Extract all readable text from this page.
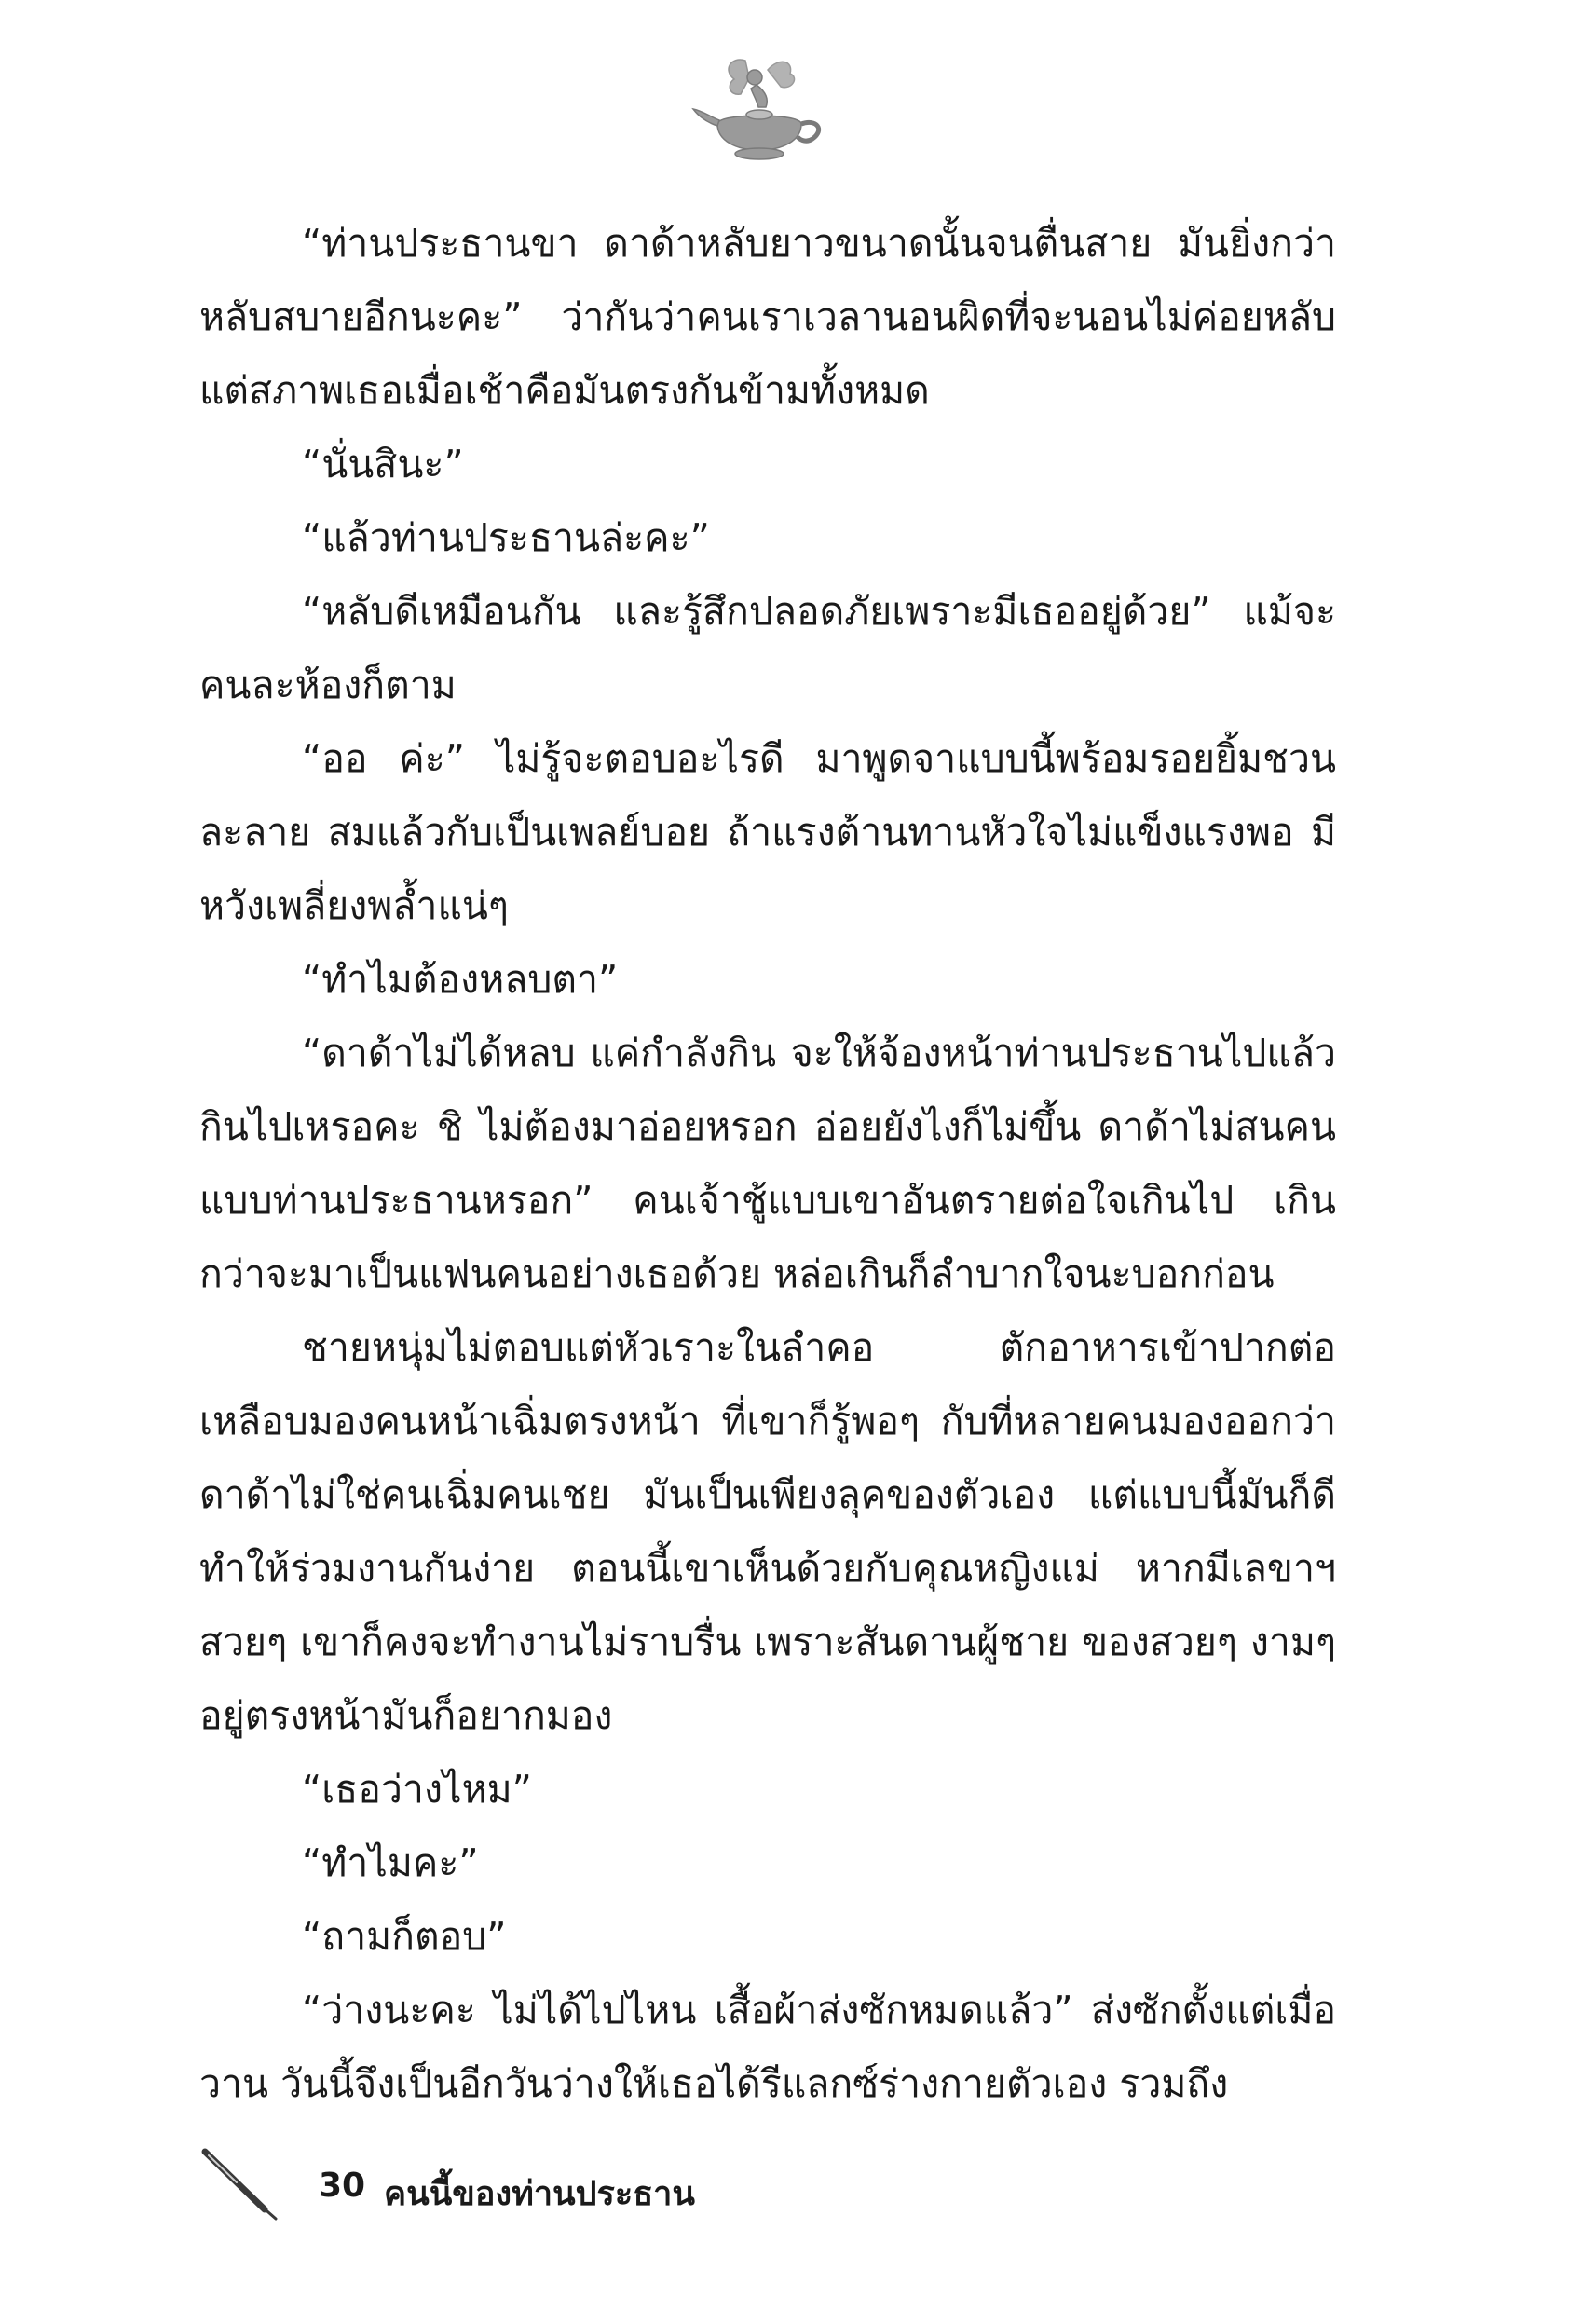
“ท่านประธานขา ดาด้าหลับยาวขนาดนั้นจนตื่นสาย มันยิ่งกว่าหลับสบายอีกนะคะ” ว่ากันว่าคนเราเวลานอนผิดที่จะนอนไม่ค่อยหลับ แต่สภาพเธอเมื่อเช้าคือมันตรงกันข้ามทั้งหมด

“นั่นสินะ”

“แล้วท่านประธานล่ะคะ”

“หลับดีเหมือนกัน และรู้สึกปลอดภัยเพราะมีเธออยู่ด้วย” แม้จะคนละห้องก็ตาม

“ออ ค่ะ” ไม่รู้จะตอบอะไรดี มาพูดจาแบบนี้พร้อมรอยยิ้มชวนละลาย สมแล้วกับเป็นเพลย์บอย ถ้าแรงต้านทานหัวใจไม่แข็งแรงพอ มีหวังเพลี่ยงพล้ำแน่ๆ

“ทำไมต้องหลบตา”

“ดาด้าไม่ได้หลบ แค่กำลังกิน จะให้จ้องหน้าท่านประธานไปแล้วกินไปเหรอคะ ชิ ไม่ต้องมาอ่อยหรอก อ่อยยังไงก็ไม่ขึ้น ดาด้าไม่สนคนแบบท่านประธานหรอก” คนเจ้าชู้แบบเขาอันตรายต่อใจเกินไป เกินกว่าจะมาเป็นแฟนคนอย่างเธอด้วย หล่อเกินก็ลำบากใจนะบอกก่อน

ชายหนุ่มไม่ตอบแต่หัวเราะในลำคอ ตักอาหารเข้าปากต่อ เหลือบมองคนหน้าเฉิ่มตรงหน้า ที่เขาก็รู้พอๆ กับที่หลายคนมองออกว่าดาด้าไม่ใช่คนเฉิ่มคนเชย มันเป็นเพียงลุคของตัวเอง แต่แบบนี้มันก็ดีทำให้ร่วมงานกันง่าย ตอนนี้เขาเห็นด้วยกับคุณหญิงแม่ หากมีเลขาฯ สวยๆ เขาก็คงจะทำงานไม่ราบรื่น เพราะสันดานผู้ชาย ของสวยๆ งามๆ อยู่ตรงหน้ามันก็อยากมอง

“เธอว่างไหม”

“ทำไมคะ”

“ถามก็ตอบ”

“ว่างนะคะ ไม่ได้ไปไหน เสื้อผ้าส่งซักหมดแล้ว” ส่งซักตั้งแต่เมื่อวาน วันนี้จึงเป็นอีกวันว่างให้เธอได้รีแลกซ์ร่างกายตัวเอง รวมถึง

30 คนนี้ของท่านประธาน
